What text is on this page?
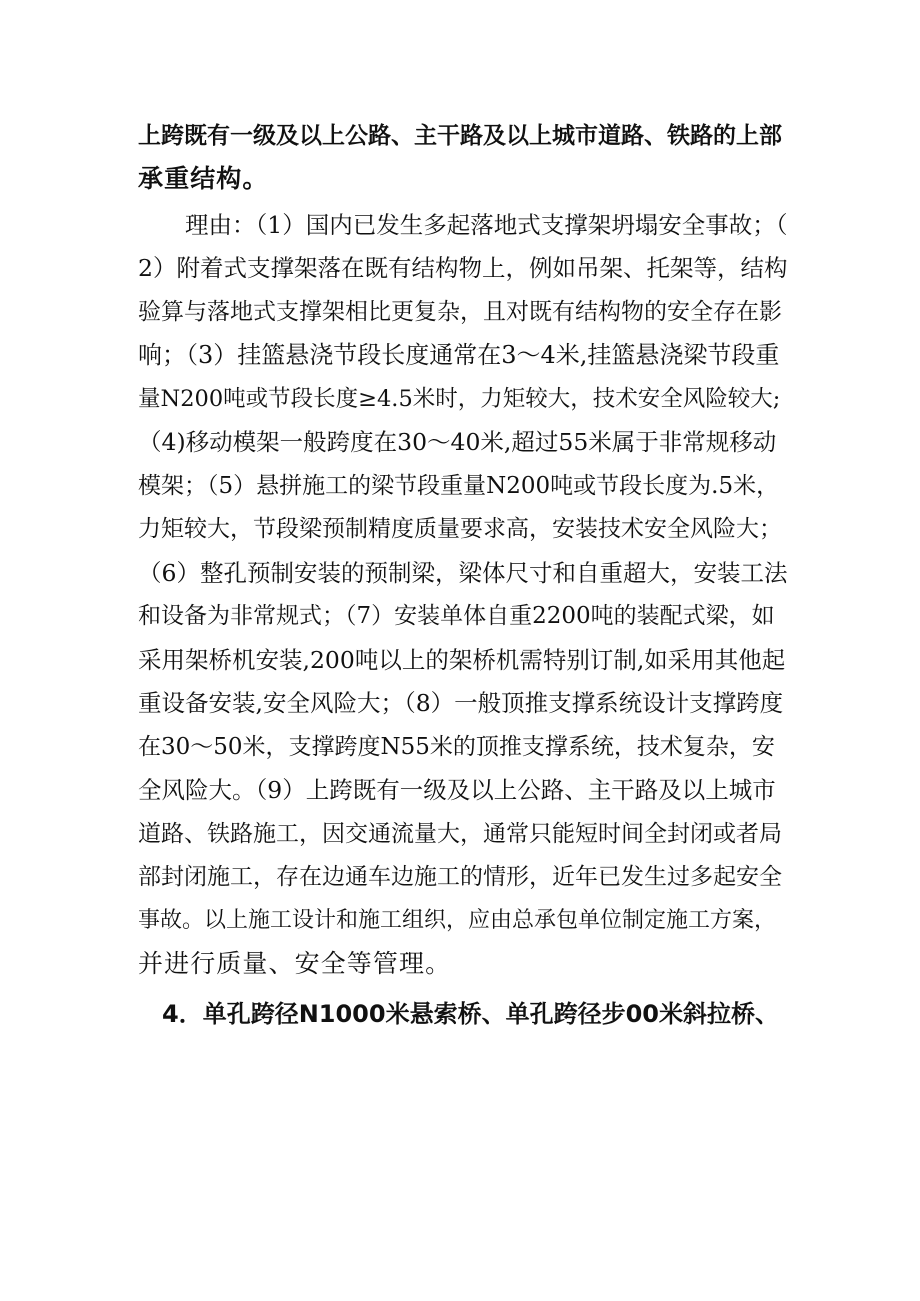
上跨既有一级及以上公路、主干路及以上城市道路、铁路的上部
承重结构。
　　理由：（1）国内已发生多起落地式支撑架坍塌安全事故；（
2）附着式支撑架落在既有结构物上，例如吊架、托架等，结构
验算与落地式支撑架相比更复杂，且对既有结构物的安全存在影
响；（3）挂篮悬浇节段长度通常在3～4米,挂篮悬浇梁节段重
量N200吨或节段长度≥4.5米时，力矩较大，技术安全风险较大;
（4)移动模架一般跨度在30～40米,超过55米属于非常规移动
模架；（5）悬拼施工的梁节段重量N200吨或节段长度为.5米，
力矩较大，节段梁预制精度质量要求高，安装技术安全风险大；
（6）整孔预制安装的预制梁，梁体尺寸和自重超大，安装工法
和设备为非常规式；（7）安装单体自重2200吨的装配式梁，如
采用架桥机安装,200吨以上的架桥机需特别订制,如采用其他起
重设备安装,安全风险大；（8）一般顶推支撑系统设计支撑跨度
在30～50米，支撑跨度N55米的顶推支撑系统，技术复杂，安
全风险大。（9）上跨既有一级及以上公路、主干路及以上城市
道路、铁路施工，因交通流量大，通常只能短时间全封闭或者局
部封闭施工，存在边通车边施工的情形，近年已发生过多起安全
事故。以上施工设计和施工组织，应由总承包单位制定施工方案，
并进行质量、安全等管理。
　4．单孔跨径N1000米悬索桥、单孔跨径步00米斜拉桥、
